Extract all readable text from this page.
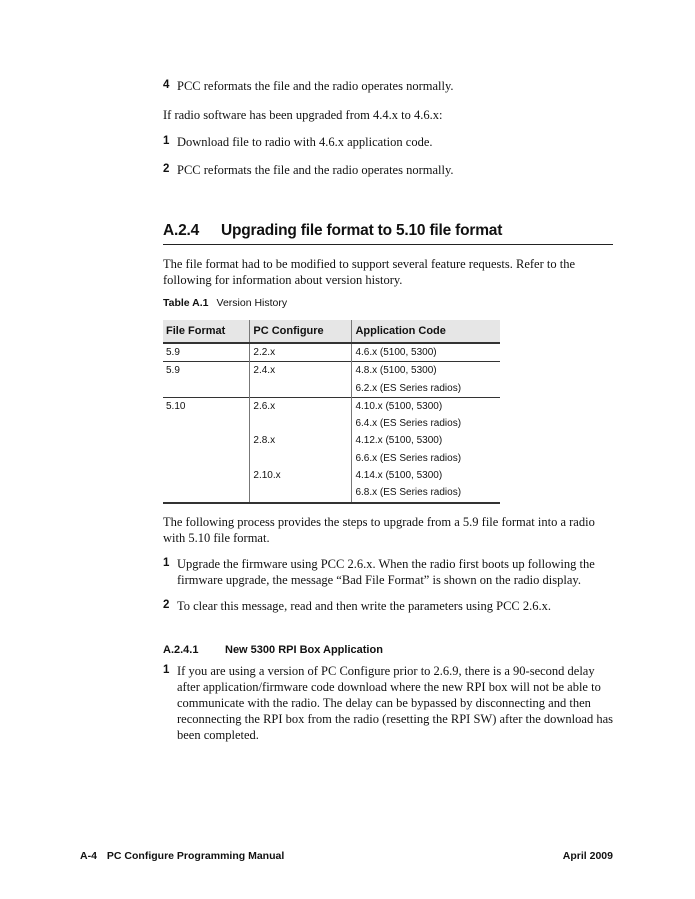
4 PCC reformats the file and the radio operates normally.
If radio software has been upgraded from 4.4.x to 4.6.x:
1 Download file to radio with 4.6.x application code.
2 PCC reformats the file and the radio operates normally.
A.2.4 Upgrading file format to 5.10 file format
The file format had to be modified to support several feature requests. Refer to the following for information about version history.
Table A.1 Version History
File Format	PC Configure	Application Code
5.9	2.2.x	4.6.x (5100, 5300)
5.9	2.4.x	4.8.x (5100, 5300)
		6.2.x (ES Series radios)
5.10	2.6.x	4.10.x (5100, 5300)
		6.4.x (ES Series radios)
	2.8.x	4.12.x (5100, 5300)
		6.6.x (ES Series radios)
	2.10.x	4.14.x (5100, 5300)
		6.8.x (ES Series radios)
The following process provides the steps to upgrade from a 5.9 file format into a radio with 5.10 file format.
1 Upgrade the firmware using PCC 2.6.x. When the radio first boots up following the firmware upgrade, the message “Bad File Format” is shown on the radio display.
2 To clear this message, read and then write the parameters using PCC 2.6.x.
A.2.4.1 New 5300 RPI Box Application
1 If you are using a version of PC Configure prior to 2.6.9, there is a 90-second delay after application/firmware code download where the new RPI box will not be able to communicate with the radio. The delay can be bypassed by disconnecting and then reconnecting the RPI box from the radio (resetting the RPI SW) after the download has been completed.
A-4 PC Configure Programming Manual	April 2009
